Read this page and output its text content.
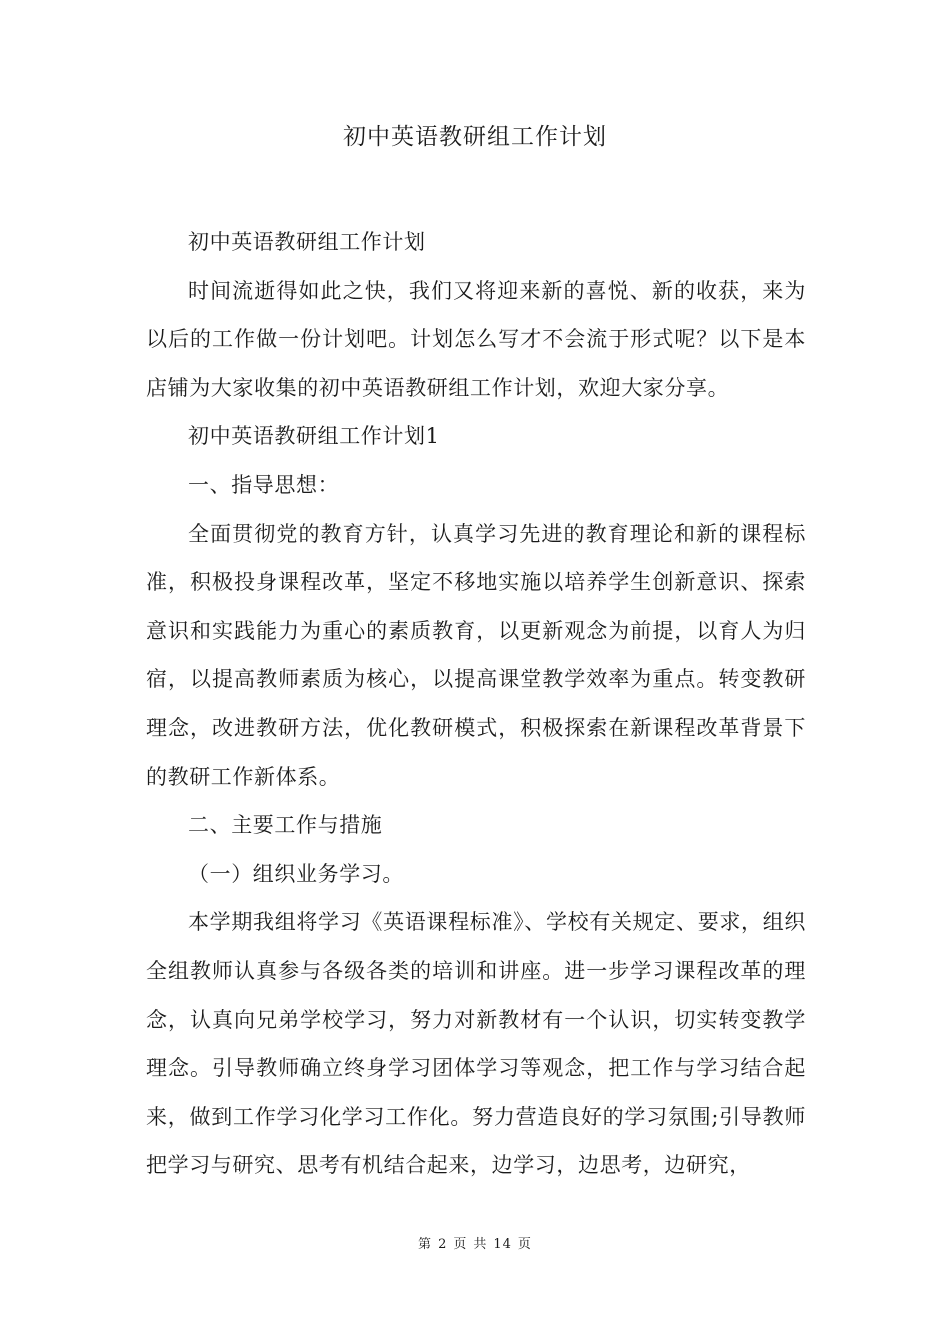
初中英语教研组工作计划

初中英语教研组工作计划

时间流逝得如此之快，我们又将迎来新的喜悦、新的收获，来为以后的工作做一份计划吧。计划怎么写才不会流于形式呢？以下是本店铺为大家收集的初中英语教研组工作计划，欢迎大家分享。

初中英语教研组工作计划1

一、指导思想：

全面贯彻党的教育方针，认真学习先进的教育理论和新的课程标准，积极投身课程改革，坚定不移地实施以培养学生创新意识、探索意识和实践能力为重心的素质教育，以更新观念为前提，以育人为归宿，以提高教师素质为核心，以提高课堂教学效率为重点。转变教研理念，改进教研方法，优化教研模式，积极探索在新课程改革背景下的教研工作新体系。

二、主要工作与措施

（一）组织业务学习。

本学期我组将学习《英语课程标准》、学校有关规定、要求，组织全组教师认真参与各级各类的培训和讲座。进一步学习课程改革的理念，认真向兄弟学校学习，努力对新教材有一个认识，切实转变教学理念。引导教师确立终身学习团体学习等观念，把工作与学习结合起来，做到工作学习化学习工作化。努力营造良好的学习氛围;引导教师把学习与研究、思考有机结合起来，边学习，边思考，边研究，

第 2 页 共 14 页
